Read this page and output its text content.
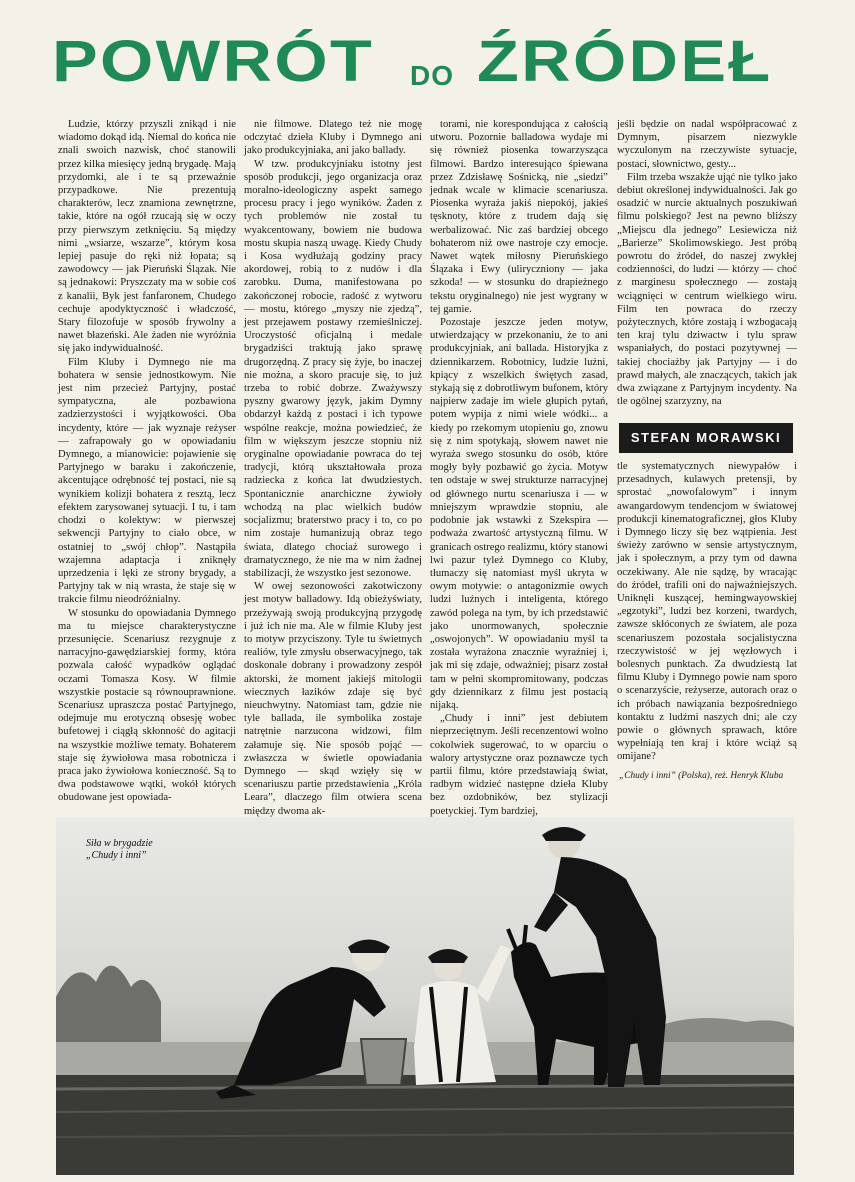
POWRÓT DO ŹRÓDEŁ

Ludzie, którzy przyszli znikąd i nie wiadomo dokąd idą. Niemal do końca nie znali swoich nazwisk, choć stanowili przez kilka miesięcy jedną brygadę. Mają przydomki, ale i te są przeważnie przypadkowe. Nie prezentują charakterów, lecz znamiona zewnętrzne, takie, które na ogół rzucają się w oczy przy pierwszym zetknięciu. Są między nimi „wsiarze, wszarze”, którym kosa lepiej pasuje do ręki niż łopata; są zawodowcy — jak Pieruński Ślązak. Nie są jednakowi: Pryszczaty ma w sobie coś z kanalii, Byk jest fanfaronem, Chudego cechuje apodyktyczność i władczość, Stary filozofuje w sposób frywolny a nawet błazeński. Ale żaden nie wyróżnia się jako indywidualność.

Film Kluby i Dymnego nie ma bohatera w sensie jednostkowym. Nie jest nim przecież Partyjny, postać sympatyczna, ale pozbawiona zadzierzystości i wyjątkowości. Oba incydenty, które — jak wyznaje reżyser — zafrapowały go w opowiadaniu Dymnego, a mianowicie: pojawienie się Partyjnego w baraku i zakończenie, akcentujące odrębność tej postaci, nie są wynikiem kolizji bohatera z resztą, lecz efektem zarysowanej sytuacji. I tu, i tam chodzi o kolektyw: w pierwszej sekwencji Partyjny to ciało obce, w ostatniej to „swój chłop”. Nastąpiła wzajemna adaptacja i zniknęły uprzedzenia i lęki ze strony brygady, a Partyjny tak w nią wrasta, że staje się w trakcie filmu nieodróżnialny.

W stosunku do opowiadania Dymnego ma tu miejsce charakterystyczne przesunięcie. Scenariusz rezygnuje z narracyjno-gawędziarskiej formy, która pozwala całość wypadków oglądać oczami Tomasza Kosy. W filmie wszystkie postacie są równouprawnione. Scenariusz upraszcza postać Partyjnego, odejmuje mu erotyczną obsesję wobec bufetowej i ciągłą skłonność do agitacji na wszystkie możliwe tematy. Bohaterem staje się żywiołowa masa robotnicza i praca jako żywiołowa konieczność. Są to dwa podstawowe wątki, wokół których obudowane jest opowiada-

nie filmowe. Dlatego też nie mogę odczytać dzieła Kluby i Dymnego ani jako produkcyjniaka, ani jako ballady.

W tzw. produkcyjniaku istotny jest sposób produkcji, jego organizacja oraz moralno-ideologiczny aspekt samego procesu pracy i jego wyników. Żaden z tych problemów nie został tu wyakcentowany, bowiem nie budowa mostu skupia naszą uwagę. Kiedy Chudy i Kosa wydłużają godziny pracy akordowej, robią to z nudów i dla zarobku. Duma, manifestowana po zakończonej robocie, radość z wytworu — mostu, którego „myszy nie zjedzą”, jest przejawem postawy rzemieślniczej. Uroczystość oficjalną i medale brygadziści traktują jako sprawę drugorzędną. Z pracy się żyje, bo inaczej nie można, a skoro pracuje się, to już trzeba to robić dobrze. Zważywszy pyszny gwarowy język, jakim Dymny obdarzył każdą z postaci i ich typowe wspólne reakcje, można powiedzieć, że film w większym jeszcze stopniu niż oryginalne opowiadanie powraca do tej tradycji, którą ukształtowała proza radziecka z końca lat dwudziestych. Spontanicznie anarchiczne żywioły wchodzą na plac wielkich budów socjalizmu; braterstwo pracy i to, co po nim zostaje humanizują obraz tego świata, dlatego chociaż surowego i dramatycznego, że nie ma w nim żadnej stabilizacji, że wszystko jest sezonowe.

W owej sezonowości zakotwiczony jest motyw balladowy. Idą obieżyświaty, przeżywają swoją produkcyjną przygodę i już ich nie ma. Ale w filmie Kluby jest to motyw przyciszony. Tyle tu świetnych realiów, tyle zmysłu obserwacyjnego, tak doskonale dobrany i prowadzony zespół aktorski, że moment jakiejś mitologii wiecznych łazików zdaje się być nieuchwytny. Natomiast tam, gdzie nie tyle ballada, ile symbolika zostaje natrętnie narzucona widzowi, film załamuje się. Nie sposób pojąć — zwłaszcza w świetle opowiadania Dymnego — skąd wzięły się w scenariuszu partie przedstawienia „Króla Leara”, dlaczego film otwiera scena między dwoma ak-

torami, nie korespondująca z całością utworu. Pozornie balladowa wydaje mi się również piosenka towarzysząca filmowi. Bardzo interesująco śpiewana przez Zdzisławę Sośnicką, nie „siedzi” jednak wcale w klimacie scenariusza. Piosenka wyraża jakiś niepokój, jakieś tęsknoty, które z trudem dają się werbalizować. Nic zaś bardziej obcego bohaterom niż owe nastroje czy emocje. Nawet wątek miłosny Pieruńskiego Ślązaka i Ewy (uliryczniony — jaka szkoda! — w stosunku do drapieżnego tekstu oryginalnego) nie jest wygrany w tej gamie.

Pozostaje jeszcze jeden motyw, utwierdzający w przekonaniu, że to ani produkcyjniak, ani ballada. Historyjka z dziennikarzem. Robotnicy, ludzie luźni, kpiący z wszelkich świętych zasad, stykają się z dobrotliwym bufonem, który najpierw zadaje im wiele głupich pytań, potem wypija z nimi wiele wódki... a kiedy po rzekomym utopieniu go, znowu się z nim spotykają, słowem nawet nie wyraża swego stosunku do osób, które mogły były pozbawić go życia. Motyw ten odstaje w swej strukturze narracyjnej od głównego nurtu scenariusza i — w mniejszym wprawdzie stopniu, ale podobnie jak wstawki z Szekspira — podważa zwartość artystyczną filmu. W granicach ostrego realizmu, który stanowi lwi pazur tyleż Dymnego co Kluby, tłumaczy się natomiast myśl ukryta w owym motywie: o antagonizmie owych ludzi luźnych i inteligenta, którego zawód polega na tym, by ich przedstawić jako unormowanych, społecznie „oswojonych”. W opowiadaniu myśl ta została wyrażona znacznie wyraźniej i, jak mi się zdaje, odważniej; pisarz został tam w pełni skompromitowany, podczas gdy dziennikarz z filmu jest postacią nijaką.

„Chudy i inni” jest debiutem nieprzeciętnym. Jeśli recenzentowi wolno cokolwiek sugerować, to w oparciu o walory artystyczne oraz poznawcze tych partii filmu, które przedstawiają świat, radbym widzieć następne dzieła Kluby bez ozdobników, bez stylizacji poetyckiej. Tym bardziej,

jeśli będzie on nadal współpracować z Dymnym, pisarzem niezwykle wyczulonym na rzeczywiste sytuacje, postaci, słownictwo, gesty...

Film trzeba wszakże ująć nie tylko jako debiut określonej indywidualności. Jak go osadzić w nurcie aktualnych poszukiwań filmu polskiego? Jest na pewno bliższy „Miejscu dla jednego” Lesiewicza niż „Barierze” Skolimowskiego. Jest próbą powrotu do źródeł, do naszej zwykłej codzienności, do ludzi — którzy — choć z marginesu społecznego — zostają wciągnięci w centrum wielkiego wiru. Film ten powraca do rzeczy pożytecznych, które zostają i wzbogacają ten kraj tylu dziwactw i tylu spraw wspaniałych, do postaci pozytywnej — takiej chociażby jak Partyjny — i do prawd małych, ale znaczących, takich jak dwa związane z Partyjnym incydenty. Na tle ogólnej szarzyzny, na

STEFAN MORAWSKI

tle systematycznych niewypałów i przesadnych, kulawych pretensji, by sprostać „nowofalowym” i innym awangardowym tendencjom w światowej produkcji kinematograficznej, głos Kluby i Dymnego liczy się bez wątpienia. Jest świeży zarówno w sensie artystycznym, jak i społecznym, a przy tym od dawna oczekiwany. Ale nie sądzę, by wracając do źródeł, trafili oni do najważniejszych. Uniknęli kuszącej, hemingwayowskiej „egzotyki”, ludzi bez korzeni, twardych, zawsze skłóconych ze światem, ale poza scenariuszem pozostała socjalistyczna rzeczywistość w jej węzłowych i bolesnych punktach. Za dwudziestą lat filmu Kluby i Dymnego powie nam sporo o scenarzyście, reżyserze, autorach oraz o ich próbach nawiązania bezpośredniego kontaktu z ludźmi naszych dni; ale czy powie o głównych sprawach, które wypełniają ten kraj i które wciąż są omijane?

„Chudy i inni” (Polska), reż. Henryk Kluba
Siła w brygadzie
„Chudy i inni”
